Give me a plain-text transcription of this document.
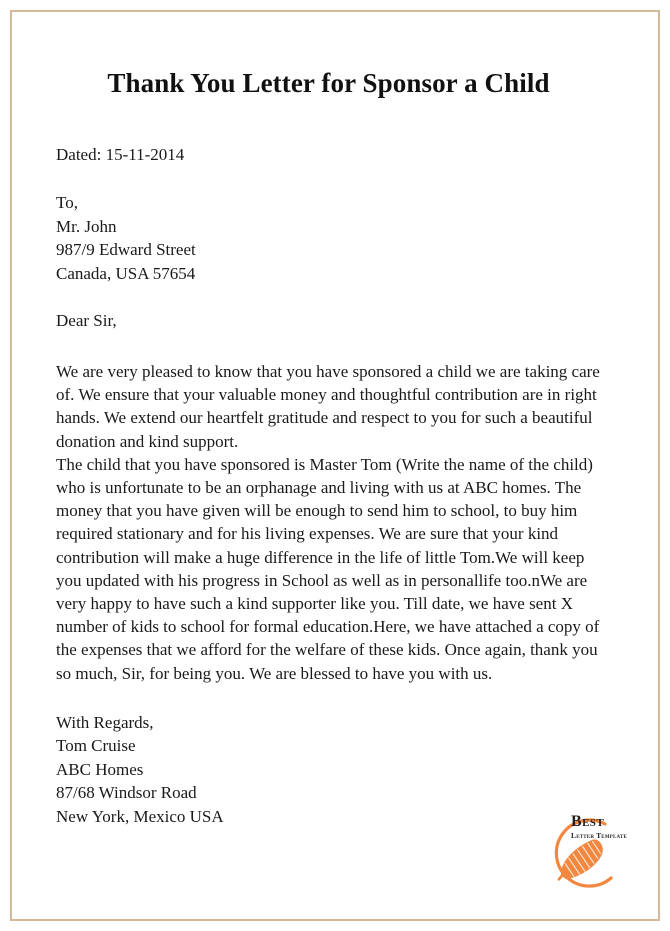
Thank You Letter for Sponsor a Child
Dated: 15-11-2014
To,
Mr. John
987/9 Edward Street
Canada, USA 57654
Dear Sir,

We are very pleased to know that you have sponsored a child we are taking care of. We ensure that your valuable money and thoughtful contribution are in right hands. We extend our heartfelt gratitude and respect to you for such a beautiful donation and kind support.

The child that you have sponsored is Master Tom (Write the name of the child) who is unfortunate to be an orphanage and living with us at ABC homes. The money that you have given will be enough to send him to school, to buy him required stationary and for his living expenses. We are sure that your kind contribution will make a huge difference in the life of little Tom.We will keep you updated with his progress in School as well as in personallife too.nWe are very happy to have such a kind supporter like you. Till date, we have sent X number of kids to school for formal education.Here, we have attached a copy of the expenses that we afford for the welfare of these kids. Once again, thank you so much, Sir, for being you. We are blessed to have you with us.

With Regards,
Tom Cruise
ABC Homes
87/68 Windsor Road
New York, Mexico USA	Best
Letter Template
